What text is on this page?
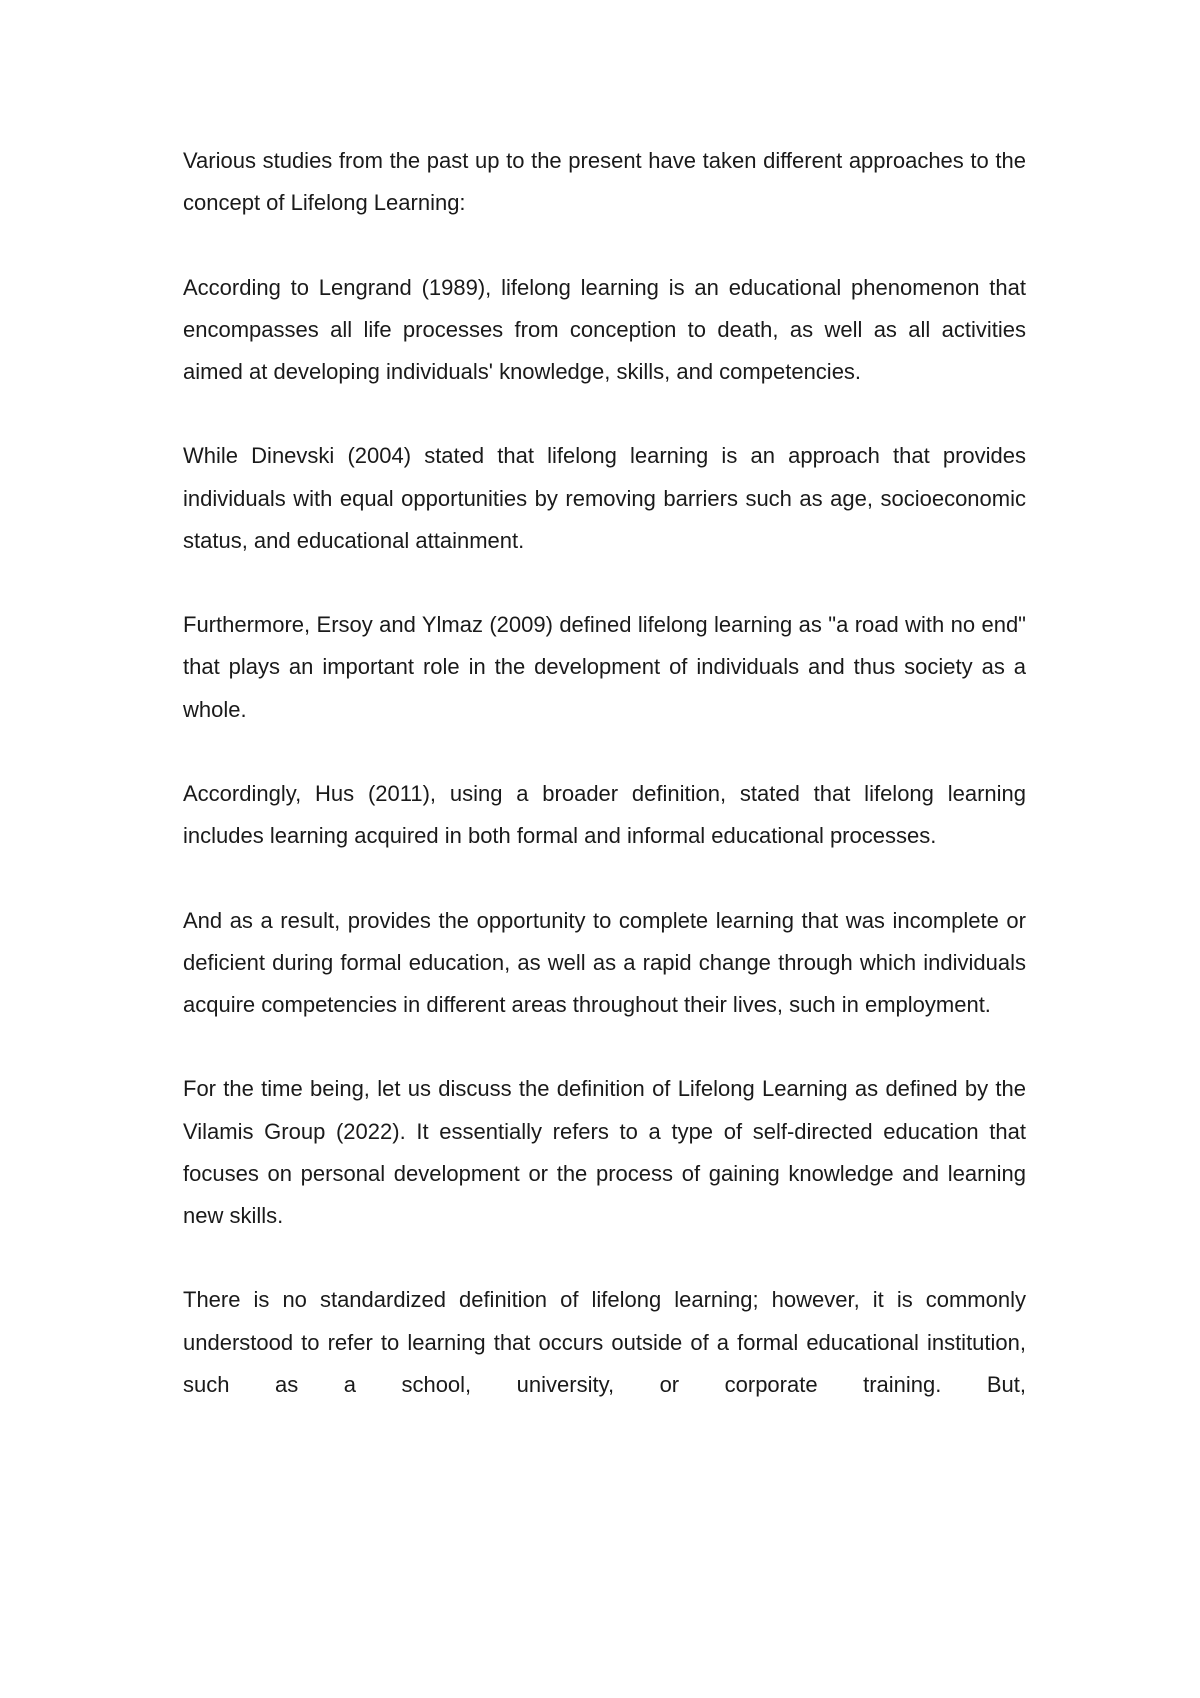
Various studies from the past up to the present have taken different approaches to the concept of Lifelong Learning:

According to Lengrand (1989), lifelong learning is an educational phenomenon that encompasses all life processes from conception to death, as well as all activities aimed at developing individuals' knowledge, skills, and competencies.

While Dinevski (2004) stated that lifelong learning is an approach that provides individuals with equal opportunities by removing barriers such as age, socioeconomic status, and educational attainment.

Furthermore, Ersoy and Ylmaz (2009) defined lifelong learning as "a road with no end" that plays an important role in the development of individuals and thus society as a whole.

Accordingly, Hus (2011), using a broader definition, stated that lifelong learning includes learning acquired in both formal and informal educational processes.

And as a result, provides the opportunity to complete learning that was incomplete or deficient during formal education, as well as a rapid change through which individuals acquire competencies in different areas throughout their lives, such in employment.

For the time being, let us discuss the definition of Lifelong Learning as defined by the Vilamis Group (2022). It essentially refers to a type of self-directed education that focuses on personal development or the process of gaining knowledge and learning new skills.

There is no standardized definition of lifelong learning; however, it is commonly understood to refer to learning that occurs outside of a formal educational institution, such as a school, university, or corporate training. But,
